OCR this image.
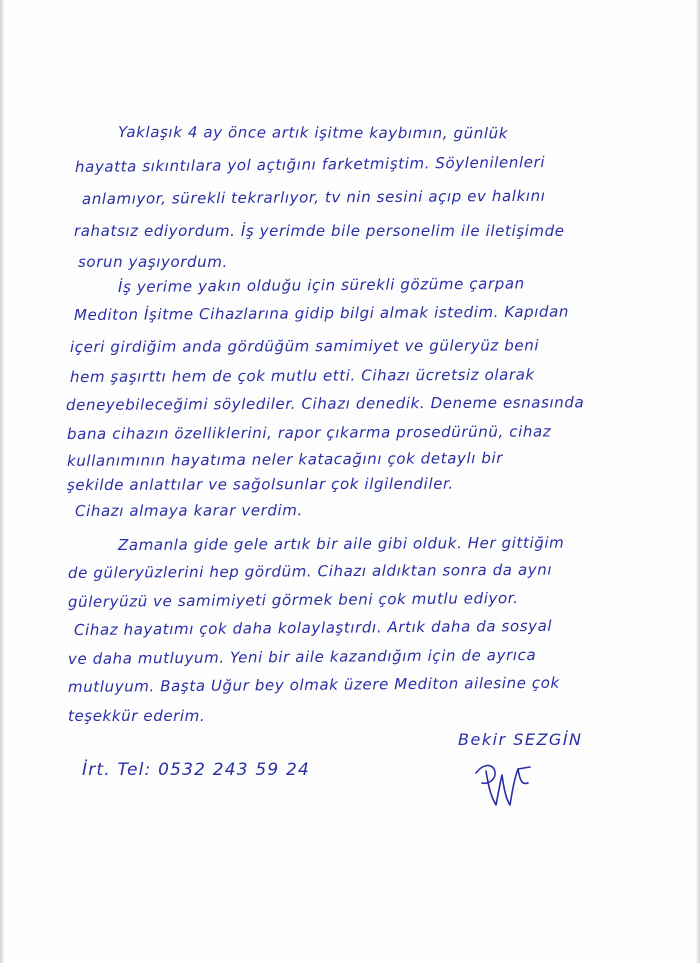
Yaklaşık 4 ay önce artık işitme kaybımın, günlük
hayatta sıkıntılara yol açtığını farketmiştim. Söylenilenleri
anlamıyor, sürekli tekrarlıyor, tv nin sesini açıp ev halkını
rahatsız ediyordum. İş yerimde bile personelim ile iletişimde
sorun yaşıyordum.
İş yerime yakın olduğu için sürekli gözüme çarpan
Mediton İşitme Cihazlarına gidip bilgi almak istedim. Kapıdan
içeri girdiğim anda gördüğüm samimiyet ve güleryüz beni
hem şaşırttı hem de çok mutlu etti. Cihazı ücretsiz olarak
deneyebileceğimi söylediler. Cihazı denedik. Deneme esnasında
bana cihazın özelliklerini, rapor çıkarma prosedürünü, cihaz
kullanımının hayatıma neler katacağını çok detaylı bir
şekilde anlattılar ve sağolsunlar çok ilgilendiler.
Cihazı almaya karar verdim.
Zamanla gide gele artık bir aile gibi olduk. Her gittiğim
de güleryüzlerini hep gördüm. Cihazı aldıktan sonra da aynı
güleryüzü ve samimiyeti görmek beni çok mutlu ediyor.
Cihaz hayatımı çok daha kolaylaştırdı. Artık daha da sosyal
ve daha mutluyum. Yeni bir aile kazandığım için de ayrıca
mutluyum. Başta Uğur bey olmak üzere Mediton ailesine çok
teşekkür ederim.
Bekir SEZGİN
İrt. Tel: 0532 243 59 24
